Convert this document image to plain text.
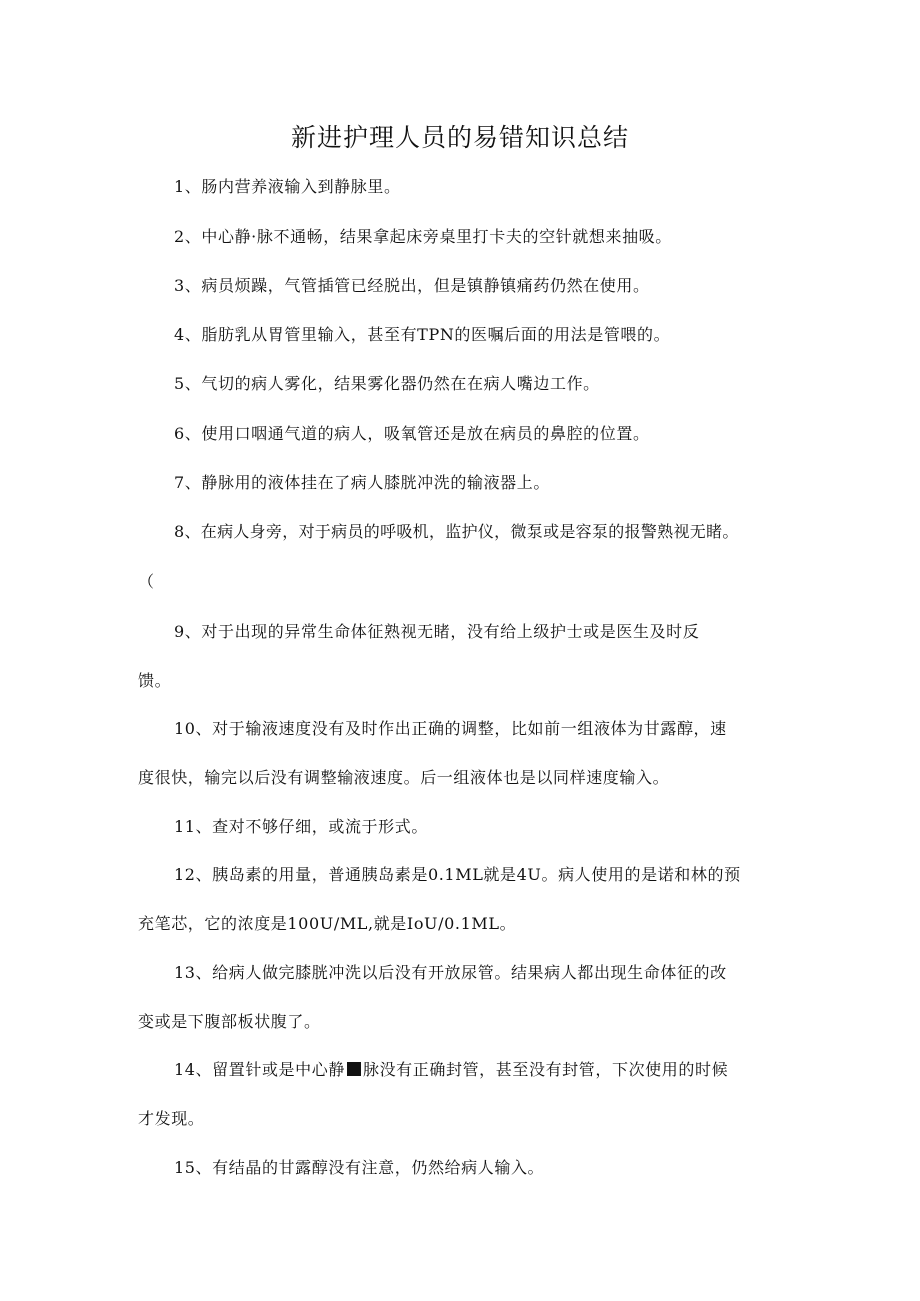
新进护理人员的易错知识总结
1、肠内营养液输入到静脉里。
2、中心静·脉不通畅，结果拿起床旁桌里打卡夫的空针就想来抽吸。
3、病员烦躁，气管插管已经脱出，但是镇静镇痛药仍然在使用。
4、脂肪乳从胃管里输入，甚至有TPN的医嘱后面的用法是管喂的。
5、气切的病人雾化，结果雾化器仍然在在病人嘴边工作。
6、使用口咽通气道的病人，吸氧管还是放在病员的鼻腔的位置。
7、静脉用的液体挂在了病人膝胱冲洗的输液器上。
8、在病人身旁，对于病员的呼吸机，监护仪，微泵或是容泵的报警熟视无睹。
（
9、对于出现的异常生命体征熟视无睹，没有给上级护士或是医生及时反
馈。
10、对于输液速度没有及时作出正确的调整，比如前一组液体为甘露醇，速
度很快，输完以后没有调整输液速度。后一组液体也是以同样速度输入。
11、查对不够仔细，或流于形式。
12、胰岛素的用量，普通胰岛素是0.1ML就是4U。病人使用的是诺和林的预
充笔芯，它的浓度是100U/ML,就是IoU/0.1ML。
13、给病人做完膝胱冲洗以后没有开放尿管。结果病人都出现生命体征的改
变或是下腹部板状腹了。
14、留置针或是中心静 脉没有正确封管，甚至没有封管，下次使用的时候
才发现。
15、有结晶的甘露醇没有注意，仍然给病人输入。
